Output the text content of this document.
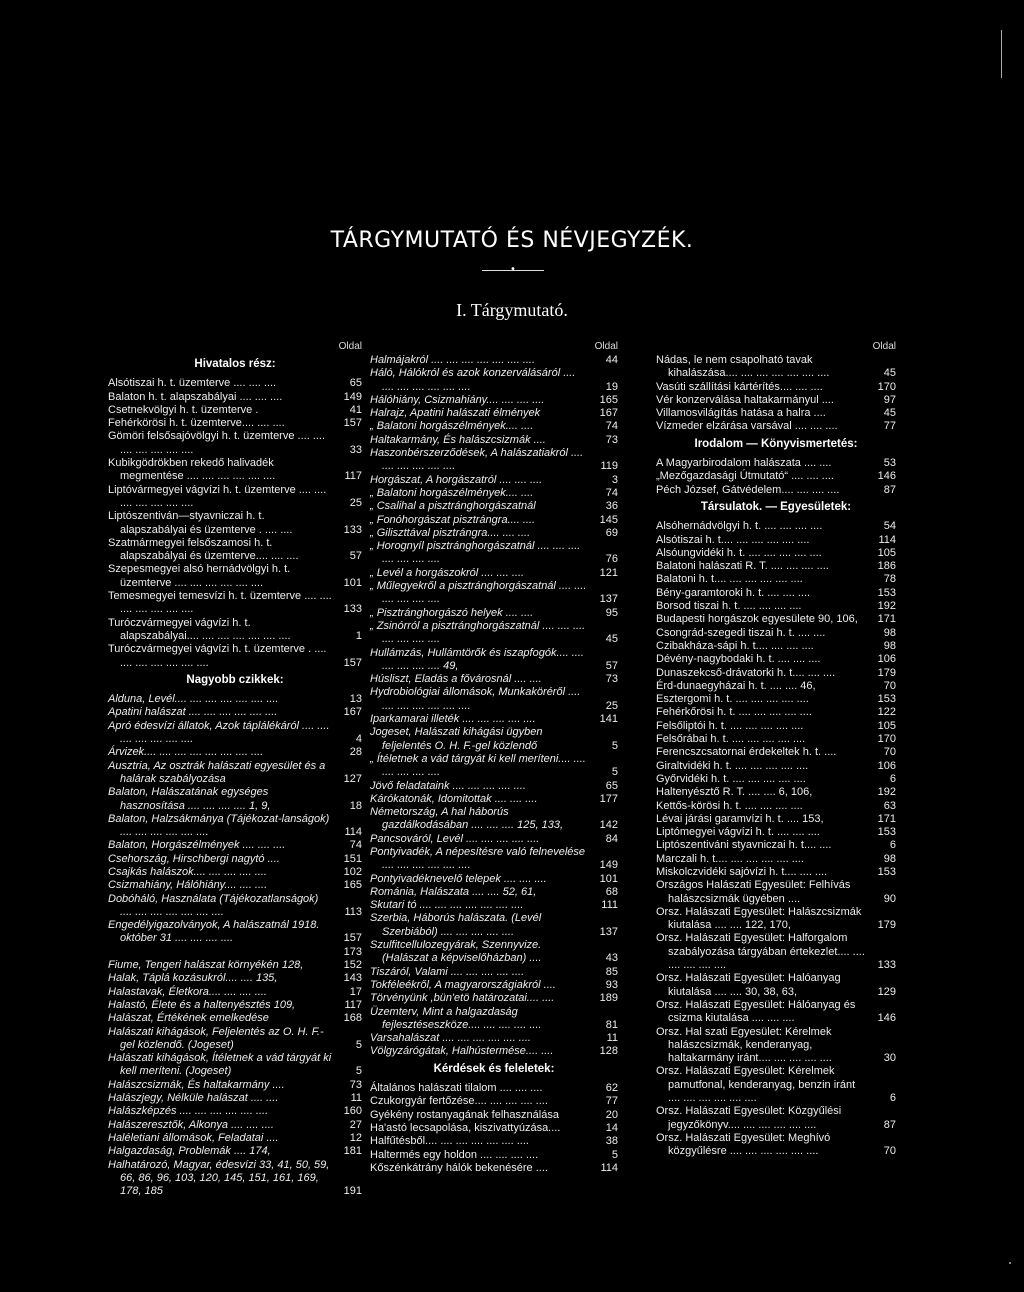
TÁRGYMUTATÓ ÉS NÉVJEGYZÉK.
•
I. Tárgymutató.
Oldal
Hivatalos rész:
Alsótiszai h. t. üzemterve .... .... ....	65
Balaton h. t. alapszabályai .... .... ....	149
Csetnekvölgyi h. t. üzemterve .	41
Fehérkörösi h. t. üzemterve.... .... ....	157
Gömöri felsősajóvölgyi h. t. üzemterve .... .... .... .... .... .... ....	33
Kubikgödrökben rekedő halivadék megmentése .... .... .... .... .... ....	117
Liptóvármegyei vágvízi h. t. üzemterve .... .... .... .... .... .... ....	25
Liptószentiván—styavniczai h. t. alapszabályai és üzemterve . .... ....	133
Szatmármegyei felsőszamosi h. t. alapszabályai és üzemterve.... .... ....	57
Szepesmegyei alsó hernádvölgyi h. t. üzemterve .... .... .... .... .... ....	101
Temesmegyei temesvízi h. t. üzemterve .... .... .... .... .... .... ....	133
Turóczvármegyei vágvízi h. t. alapszabályai.... .... .... .... .... .... ....	1
Turóczvármegyei vágvízi h. t. üzemterve . .... .... .... .... .... .... ....	157
Nagyobb czikkek:
Alduna, Levél.... .... .... .... .... .... ....	13
Apatini halászat .... .... .... .... .... ....	167
Apró édesvízi állatok, Azok táplálékáról .... .... .... .... .... .... ....	4
Árvizek.... .... .... .... .... .... .... ....	28
Ausztria, Az osztrák halászati egyesület és a halárak szabályozása	127
Balaton, Halászatának egységes hasznosítása .... .... .... .... 1, 9,	18
Balaton, Halzsákmánya (Tájékozat-lanságok) .... .... .... .... .... ....	114
Balaton, Horgászélmények .... .... ....	74
Csehország, Hirschbergi nagytó ....	151
Csajkás halászok.... .... .... .... ....	102
Csizmahiány, Hálóhiány.... .... ....	165
Dobóháló, Használata (Tájékozatlanságok) .... .... .... .... .... .... ....	113
Engedélyigazolványok, A halászatnál 1918. október 31 .... .... .... ....	157
173
Fiume, Tengeri halászat környékén 128,	152
Halak, Táplá kozásukról.... .... 135,	143
Halastavak, Életkora.... .... .... ....	17
Halastó, Élete és a haltenyésztés 109,	117
Halászat, Értékének emelkedése	168
Halászati kihágások, Feljelentés az O. H. F.-gel közlendő. (Jogeset)	5
Halászati kihágások, Ítéletnek a vád tárgyát ki kell meríteni. (Jogeset)	5
Halászcsizmák, És haltakarmány ....	73
Halászjegy, Nélküle halászat .... ....	11
Halászképzés .... .... .... .... .... ....	160
Halászeresztők, Alkonya .... .... ....	27
Haléletiani állomások, Feladatai ....	12
Halgazdaság, Problemák .... 174,	181
Halhatározó, Magyar, édesvízi 33, 41, 50, 59, 66, 86, 96, 103, 120, 145, 151, 161, 169, 178, 185	191
Oldal
Halmájakról .... .... .... .... .... .... ....	44
Háló, Hálókról és azok konzerválásáról .... .... .... .... .... .... ....	19
Hálóhiány, Csizmahiány.... .... .... ....	165
Halrajz, Apatini halászati élmények	167
„ Balatoni horgászélmények.... ....	74
Haltakarmány, És halászcsizmák ....	73
Haszonbérszerződések, A halászatiakról .... .... .... .... .... ....	119
Horgászat, A horgászatról .... .... ....	3
„ Balatoni horgászélmények.... ....	74
„ Csalihal a pisztránghorgászatnál	36
„ Fonóhorgászat pisztrángra.... ....	145
„ Giliszttával pisztrángra.... .... ....	69
„ Horognyíl pisztránghorgászatnál .... .... .... .... .... .... ....	76
„ Levél a horgászokról .... .... ....	121
„ Műlegyekről a pisztránghorgászatnál .... .... .... .... .... ....	137
„ Pisztránghorgászó helyek .... ....	95
„ Zsinórról a pisztránghorgászatnál .... .... .... .... .... .... ....	45
Hullámzás, Hullámtörők és iszapfogók.... .... .... .... .... .... 49,	57
Húsliszt, Eladás a fővárosnál .... ....	73
Hydrobiológiai állomások, Munkaköréről .... .... .... .... .... .... ....	25
Iparkamarai illeték .... .... .... .... ....	141
Jogeset, Halászati kihágási ügyben feljelentés O. H. F.-gel közlendő	5
„ Ítéletnek a vád tárgyát ki kell meríteni.... .... .... .... .... ....	5
Jövő feladataink .... .... .... .... ....	65
Kárókatonák, Idomitottak .... .... ....	177
Németország, A hal háborús gazdálkodásában .... .... .... 125, 133,	142
Pancsováról, Levél .... .... .... .... ....	84
Pontyivadék, A népesítésre való felnevelése .... .... .... .... .... ....	149
Pontyivadéknevelő telepek .... .... ....	101
Románia, Halászata .... .... 52, 61,	68
Skutari tó .... .... .... .... .... .... ....	111
Szerbia, Háborús halászata. (Levél Szerbiából) .... .... .... .... ....	137
Szulfitcellulozegyárak, Szennyvize. (Halászat a képviselőházban) ....	43
Tiszáról, Valami .... .... .... .... ....	85
Tokféleékről, A magyarországiakról ....	93
Törvényünk ,bün'etö határozatai.... ....	189
Üzemterv, Mint a halgazdaság fejlesztéseszköze.... .... .... .... ....	81
Varsahalászat .... .... .... .... .... ....	11
Völgyzárógátak, Halhústermése.... ....	128
Kérdések és feleletek:
Általános halászati tilalom .... .... ....	62
Czukorgyár fertőzése.... .... .... .... ....	77
Gyékény rostanyagának felhasználása	20
Ha'astó lecsapolása, kiszivattyúzása....	14
Halfűtésből.... .... .... .... .... .... ....	38
Haltermés egy holdon .... .... .... ....	5
Kőszénkátrány hálók bekenésére ....	114
Oldal
Nádas, le nem csapolható tavak kihalászása.... .... .... .... .... .... ....	45
Vasúti szállítási kártérítés.... .... ....	170
Vér konzerválása haltakarmányul ....	97
Villamosvilágítás hatása a halra ....	45
Vízmeder elzárása varsával .... .... ....	77
Irodalom — Könyvismertetés:
A Magyarbirodalom halászata .... ....	53
„Mezőgazdasági Útmutató“ .... .... ....	146
Péch József, Gátvédelem.... .... .... ....	87
Társulatok. — Egyesületek:
Alsóhernádvölgyi h. t. .... .... .... ....	54
Alsótiszai h. t.... .... .... .... .... ....	114
Alsóungvidéki h. t. .... .... .... .... ....	105
Balatoni halászati R. T. .... .... .... ....	186
Balatoni h. t.... .... .... .... .... ....	78
Bény-garamtoroki h. t. .... .... ....	153
Borsod tiszai h. t. .... .... .... ....	192
Budapesti horgászok egyesülete 90, 106,	171
Csongrád-szegedi tiszai h. t. .... ....	98
Czibakháza-sápi h. t.... .... .... ....	98
Dévény-nagybodaki h. t. .... .... ....	106
Dunaszekcső-drávatorki h. t.... .... ....	179
Érd-dunaegyházai h. t. .... .... 46,	70
Esztergomi h. t. .... .... .... .... ....	153
Fehérkőrösi h. t. .... .... .... .... ....	122
Felsőliptói h. t. .... .... .... .... ....	105
Felsőrábai h. t. .... .... .... .... ....	170
Ferencszcsatornai érdekeltek h. t. ....	70
Giraltvidéki h. t. .... .... .... .... ....	106
Győrvidéki h. t. .... .... .... .... ....	6
Haltenyésztő R. T. .... .... 6, 106,	192
Kettős-körösi h. t. .... .... .... ....	63
Lévai járási garamvízi h. t. .... 153,	171
Liptómegyei vágvízi h. t. .... .... ....	153
Liptószentiváni styavniczai h. t.... ....	6
Marczali h. t.... .... .... .... .... ....	98
Miskolczvidéki sajóvízi h. t.... .... ....	153
Országos Halászati Egyesület: Felhívás halászcsizmák ügyében ....	90
Orsz. Halászati Egyesület: Halászcsizmák kiutalása .... .... 122, 170,	179
Orsz. Halászati Egyesület: Halforgalom szabályozása tárgyában értekezlet.... .... .... .... .... ....	133
Orsz. Halászati Egyesület: Halóanyag kiutalása .... .... 30, 38, 63,	129
Orsz. Halászati Egyesület: Hálóanyag és csizma kiutalása .... .... ....	146
Orsz. Hal szati Egyesület: Kérelmek halászcsizmák, kenderanyag, haltakarmány iránt.... .... .... .... ....	30
Orsz. Halászati Egyesület: Kérelmek pamutfonal, kenderanyag, benzin iránt .... .... .... .... .... ....	6
Orsz. Halászati Egyesület: Közgyűlési jegyzőkönyv.... .... .... .... .... ....	87
Orsz. Halászati Egyesület: Meghívó közgyűlésre .... .... .... .... .... ....	70
